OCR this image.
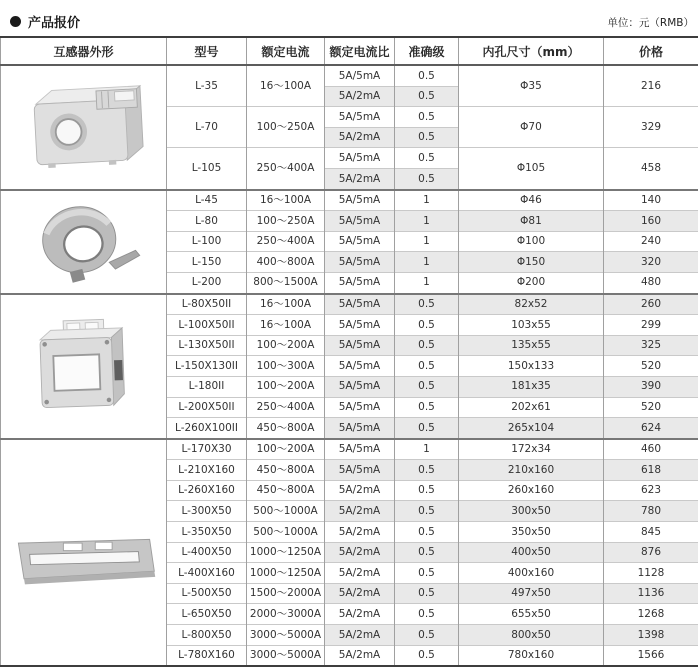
产品报价	单位：元（RMB）
互感器外形	型号	额定电流	额定电流比	准确级	内孔尺寸（mm）	价格

	L-35	16～100A	5A/5mA	0.5	Φ35	216
			5A/2mA	0.5		
	L-70	100～250A	5A/5mA	0.5	Φ70	329
			5A/2mA	0.5		
	L-105	250～400A	5A/5mA	0.5	Φ105	458
			5A/2mA	0.5		

	L-45	16～100A	5A/5mA	1	Φ46	140
	L-80	100～250A	5A/5mA	1	Φ81	160
	L-100	250～400A	5A/5mA	1	Φ100	240
	L-150	400～800A	5A/5mA	1	Φ150	320
	L-200	800～1500A	5A/5mA	1	Φ200	480

	L-80X50II	16～100A	5A/5mA	0.5	82x52	260
	L-100X50II	16～100A	5A/5mA	0.5	103x55	299
	L-130X50II	100～200A	5A/5mA	0.5	135x55	325
	L-150X130II	100～300A	5A/5mA	0.5	150x133	520
	L-180II	100～200A	5A/5mA	0.5	181x35	390
	L-200X50II	250～400A	5A/5mA	0.5	202x61	520
	L-260X100II	450～800A	5A/5mA	0.5	265x104	624

	L-170X30	100～200A	5A/5mA	1	172x34	460
	L-210X160	450～800A	5A/5mA	0.5	210x160	618
	L-260X160	450～800A	5A/2mA	0.5	260x160	623
	L-300X50	500～1000A	5A/2mA	0.5	300x50	780
	L-350X50	500～1000A	5A/2mA	0.5	350x50	845
	L-400X50	1000～1250A	5A/2mA	0.5	400x50	876
	L-400X160	1000～1250A	5A/2mA	0.5	400x160	1128
	L-500X50	1500～2000A	5A/2mA	0.5	497x50	1136
	L-650X50	2000～3000A	5A/2mA	0.5	655x50	1268
	L-800X50	3000～5000A	5A/2mA	0.5	800x50	1398
	L-780X160	3000～5000A	5A/2mA	0.5	780x160	1566
